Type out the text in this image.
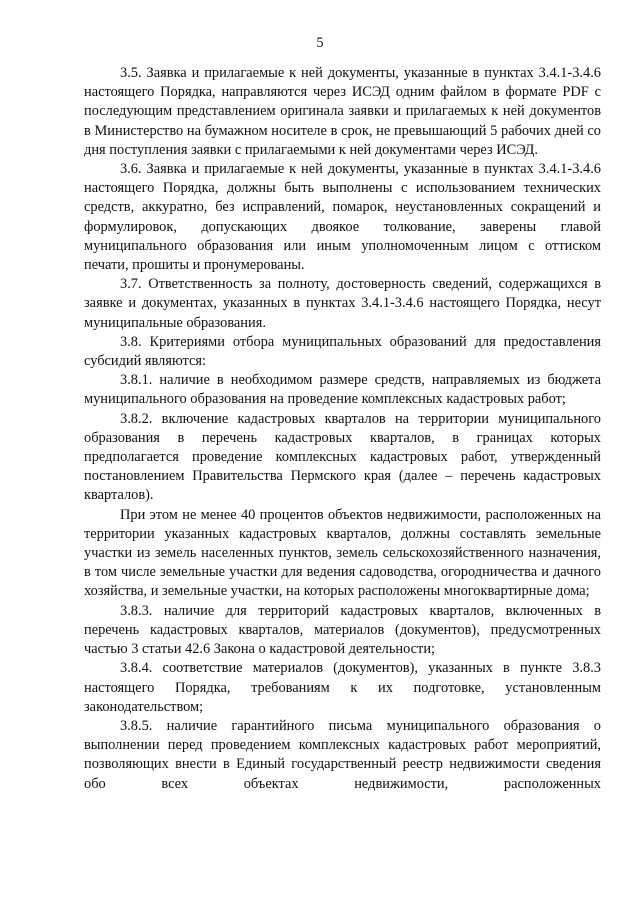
5

3.5. Заявка и прилагаемые к ней документы, указанные в пунктах 3.4.1-3.4.6 настоящего Порядка, направляются через ИСЭД одним файлом в формате PDF с последующим представлением оригинала заявки и прилагаемых к ней документов в Министерство на бумажном носителе в срок, не превышающий 5 рабочих дней со дня поступления заявки с прилагаемыми к ней документами через ИСЭД.

3.6. Заявка и прилагаемые к ней документы, указанные в пунктах 3.4.1-3.4.6 настоящего Порядка, должны быть выполнены с использованием технических средств, аккуратно, без исправлений, помарок, неустановленных сокращений и формулировок, допускающих двоякое толкование, заверены главой муниципального образования или иным уполномоченным лицом с оттиском печати, прошиты и пронумерованы.

3.7. Ответственность за полноту, достоверность сведений, содержащихся в заявке и документах, указанных в пунктах 3.4.1-3.4.6 настоящего Порядка, несут муниципальные образования.

3.8. Критериями отбора муниципальных образований для предоставления субсидий являются:

3.8.1. наличие в необходимом размере средств, направляемых из бюджета муниципального образования на проведение комплексных кадастровых работ;

3.8.2. включение кадастровых кварталов на территории муниципального образования в перечень кадастровых кварталов, в границах которых предполагается проведение комплексных кадастровых работ, утвержденный постановлением Правительства Пермского края (далее – перечень кадастровых кварталов).

При этом не менее 40 процентов объектов недвижимости, расположенных на территории указанных кадастровых кварталов, должны составлять земельные участки из земель населенных пунктов, земель сельскохозяйственного назначения, в том числе земельные участки для ведения садоводства, огородничества и дачного хозяйства, и земельные участки, на которых расположены многоквартирные дома;

3.8.3. наличие для территорий кадастровых кварталов, включенных в перечень кадастровых кварталов, материалов (документов), предусмотренных частью 3 статьи 42.6 Закона о кадастровой деятельности;

3.8.4. соответствие материалов (документов), указанных в пункте 3.8.3 настоящего Порядка, требованиям к их подготовке, установленным законодательством;

3.8.5. наличие гарантийного письма муниципального образования о выполнении перед проведением комплексных кадастровых работ мероприятий, позволяющих внести в Единый государственный реестр недвижимости сведения обо всех объектах недвижимости, расположенных
